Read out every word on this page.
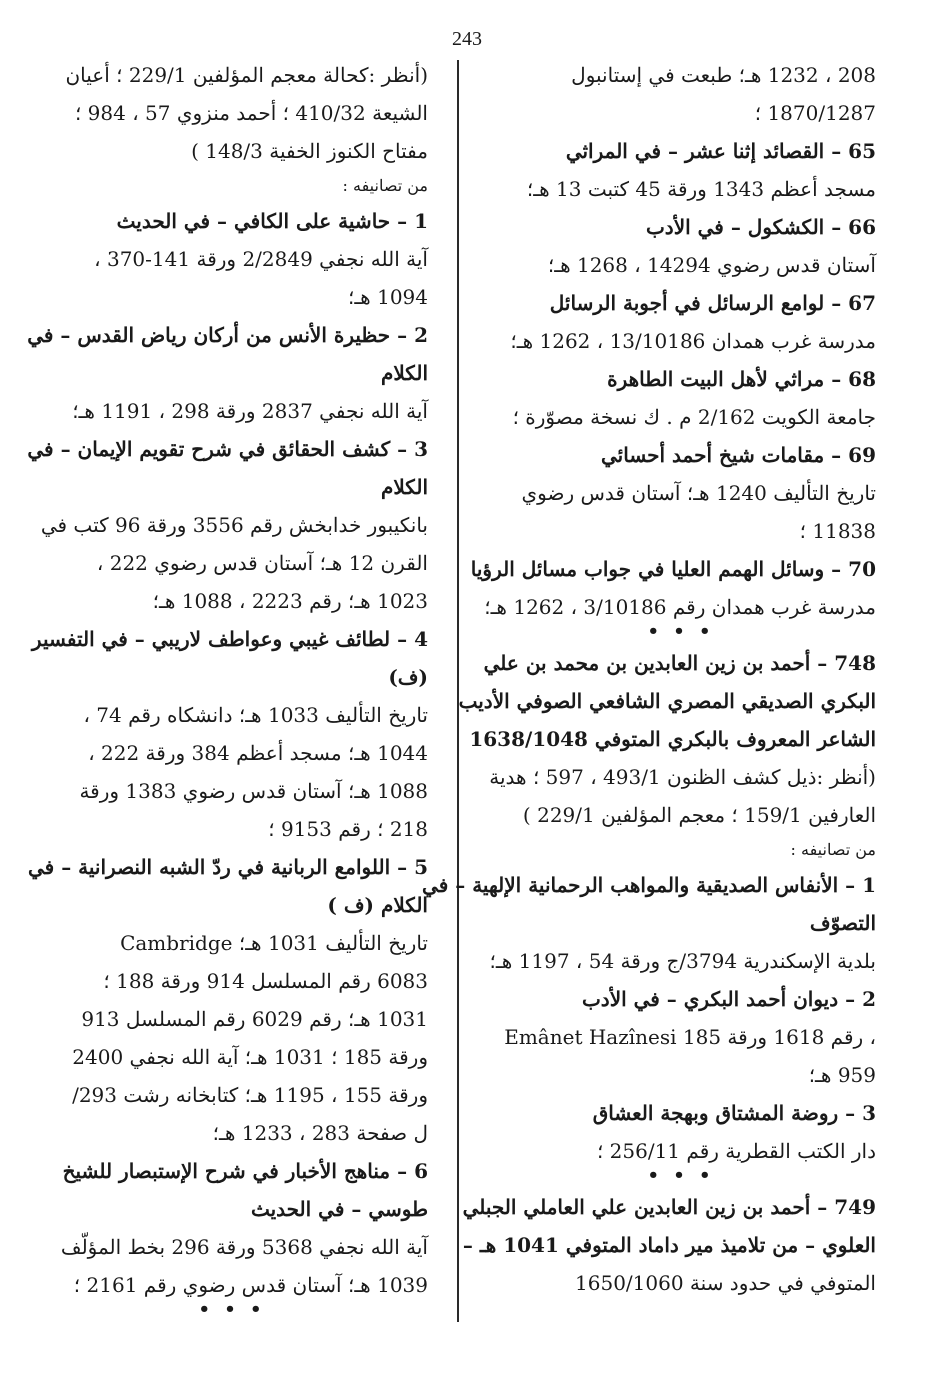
243
208 ، 1232 هـ؛ طبعت في إستانبول
1870/1287 ؛
65 – القصائد إثنا عشر – في المراثي
مسجد أعظم 1343 ورقة 45 كتبت 13 هـ؛
66 – الكشكول – في الأدب
آستان قدس رضوي 14294 ، 1268 هـ؛
67 – لوامع الرسائل في أجوبة الرسائل
مدرسة غرب همدان 13/10186 ، 1262 هـ؛
68 – مراثي لأهل البيت الطاهرة
جامعة الكويت 2/162 م . ك نسخة مصوّرة ؛
69 – مقامات شيخ أحمد أحسائي
تاريخ التأليف 1240 هـ؛ آستان قدس رضوي
11838 ؛
70 – وسائل الهمم العليا في جواب مسائل الرؤيا
مدرسة غرب همدان رقم 3/10186 ، 1262 هـ؛
• • •
748 – أحمد بن زين العابدين بن محمد بن علي
البكري الصديقي المصري الشافعي الصوفي الأديب
الشاعر المعروف بالبكري المتوفي 1638/1048
(أنظر :ذيل كشف الظنون 493/1 ، 597 ؛ هدية
العارفين 159/1 ؛ معجم المؤلفين 229/1 )
من تصانيفه :
1 – الأنفاس الصديقية والمواهب الرحمانية الإلهية – في
التصوّف
بلدية الإسكندرية 3794/ج ورقة 54 ، 1197 هـ؛
2 – ديوان أحمد البكري – في الأدب
Emânet Hazînesi رقم 1618 ورقة 185 ،
959 هـ؛
3 – روضة المشتاق وبهجة العشاق
دار الكتب القطرية رقم 256/11 ؛
• • •
749 – أحمد بن زين العابدين علي العاملي الجبلي
العلوي – من تلاميذ مير داماد المتوفي 1041 هـ –
المتوفي في حدود سنة 1650/1060
(أنظر :كحالة معجم المؤلفين 229/1 ؛ أعيان
الشيعة 410/32 ؛ أحمد منزوي 57 ، 984 ؛
مفتاح الكنوز الخفية 148/3 )
من تصانيفه :
1 – حاشية على الكافي – في الحديث
آية الله نجفي 2/2849 ورقة 141-370 ،
1094 هـ؛
2 – حظيرة الأنس من أركان رياض القدس – في
الكلام
آية الله نجفي 2837 ورقة 298 ، 1191 هـ؛
3 – كشف الحقائق في شرح تقويم الإيمان – في
الكلام
بانكيبور خدابخش رقم 3556 ورقة 96 كتب في
القرن 12 هـ؛ آستان قدس رضوي 222 ،
1023 هـ؛ رقم 2223 ، 1088 هـ؛
4 – لطائف غيبي وعواطف لاريبي – في التفسير
(ف)
تاريخ التأليف 1033 هـ؛ دانشكاه رقم 74 ،
1044 هـ؛ مسجد أعظم 384 ورقة 222 ،
1088 هـ؛ آستان قدس رضوي 1383 ورقة
218 ؛ رقم 9153 ؛
5 – اللوامع الربانية في ردّ الشبه النصرانية – في
الكلام (ف )
تاريخ التأليف 1031 هـ؛ Cambridge
6083 رقم المسلسل 914 ورقة 188 ؛
1031 هـ؛ رقم 6029 رقم المسلسل 913
ورقة 185 ؛ 1031 هـ؛ آية الله نجفي 2400
ورقة 155 ، 1195 هـ؛ كتابخانه رشت 293/
ل صفحة 283 ، 1233 هـ؛
6 – مناهج الأخبار في شرح الإستبصار للشيخ
طوسي – في الحديث
آية الله نجفي 5368 ورقة 296 بخط المؤلّف
1039 هـ؛ آستان قدس رضوي رقم 2161 ؛
• • •
